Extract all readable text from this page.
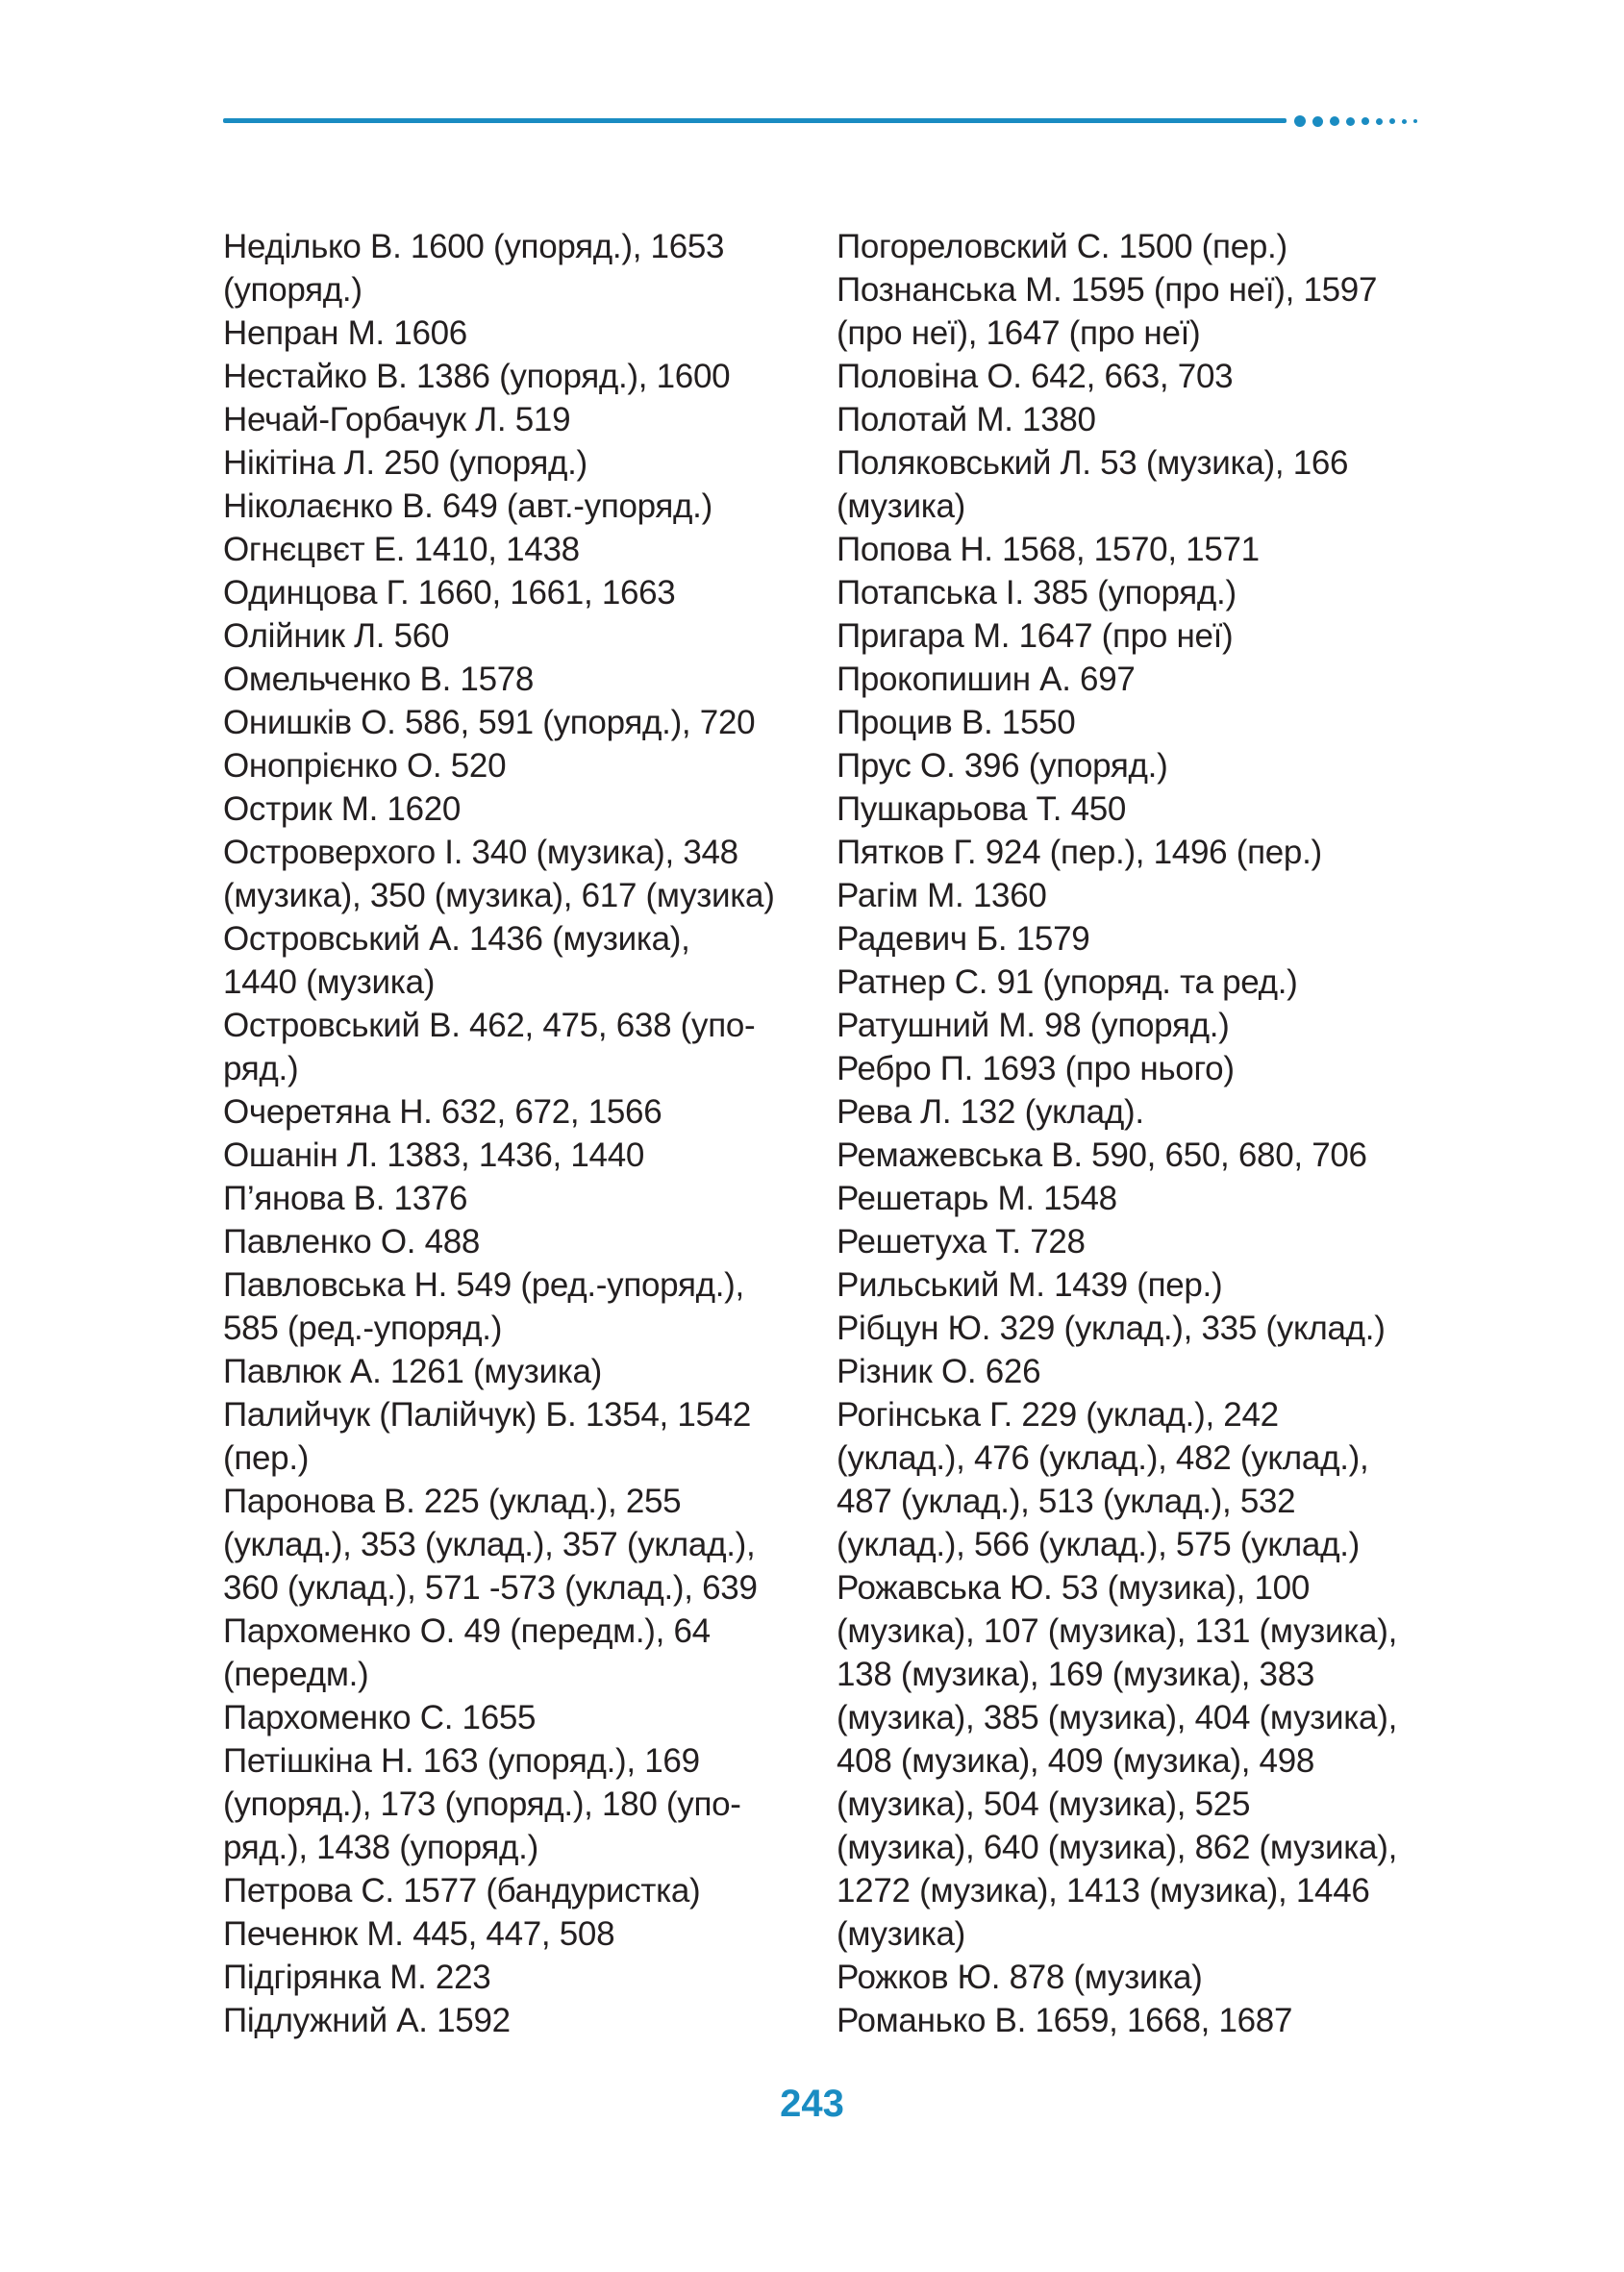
Неділько В. 1600 (упоряд.), 1653
(упоряд.)
Непран М. 1606
Нестайко В. 1386 (упоряд.), 1600
Нечай-Горбачук Л. 519
Нікітіна Л. 250 (упоряд.)
Ніколаєнко В. 649 (авт.-упоряд.)
Огнєцвєт Е. 1410, 1438
Одинцова Г. 1660, 1661, 1663
Олійник Л. 560
Омельченко В. 1578
Онишків О. 586, 591 (упоряд.), 720
Онопрієнко О. 520
Острик М. 1620
Островерхого І. 340 (музика), 348
(музика), 350 (музика), 617 (музика)
Островський А. 1436 (музика),
1440 (музика)
Островський В. 462, 475, 638 (упо-
ряд.)
Очеретяна Н. 632, 672, 1566
Ошанін Л. 1383, 1436, 1440
П’янова В. 1376
Павленко О. 488
Павловська Н. 549 (ред.-упоряд.),
585 (ред.-упоряд.)
Павлюк А. 1261 (музика)
Палийчук (Палійчук) Б. 1354, 1542
(пер.)
Паронова В. 225 (уклад.), 255
(уклад.), 353 (уклад.), 357 (уклад.),
360 (уклад.), 571 -573 (уклад.), 639
Пархоменко О. 49 (передм.), 64
(передм.)
Пархоменко С. 1655
Петішкіна Н. 163 (упоряд.), 169
(упоряд.), 173 (упоряд.), 180 (упо-
ряд.), 1438 (упоряд.)
Петрова С. 1577 (бандуристка)
Печенюк М. 445, 447, 508
Підгірянка М. 223
Підлужний А. 1592
Погореловский С. 1500 (пер.)
Познанська М. 1595 (про неї), 1597
(про неї), 1647 (про неї)
Половіна О. 642, 663, 703
Полотай М. 1380
Поляковський Л. 53 (музика), 166
(музика)
Попова Н. 1568, 1570, 1571
Потапська І. 385 (упоряд.)
Пригара М. 1647 (про неї)
Прокопишин А. 697
Процив В. 1550
Прус О. 396 (упоряд.)
Пушкарьова Т. 450
Пятков Г. 924 (пер.), 1496 (пер.)
Рагім М. 1360
Радевич Б. 1579
Ратнер С. 91 (упоряд. та ред.)
Ратушний М. 98 (упоряд.)
Ребро П. 1693 (про нього)
Рева Л. 132 (уклад).
Ремажевська В. 590, 650, 680, 706
Решетарь М. 1548
Решетуха Т. 728
Рильський М. 1439 (пер.)
Рібцун Ю. 329 (уклад.), 335 (уклад.)
Різник О. 626
Рогінська Г. 229 (уклад.), 242
(уклад.), 476 (уклад.), 482 (уклад.),
487 (уклад.), 513 (уклад.), 532
(уклад.), 566 (уклад.), 575 (уклад.)
Рожавська Ю. 53 (музика), 100
(музика), 107 (музика), 131 (музика),
138 (музика), 169 (музика), 383
(музика), 385 (музика), 404 (музика),
408 (музика), 409 (музика), 498
(музика), 504 (музика), 525
(музика), 640 (музика), 862 (музика),
1272 (музика), 1413 (музика), 1446
(музика)
Рожков Ю. 878 (музика)
Романько В. 1659, 1668, 1687
243
